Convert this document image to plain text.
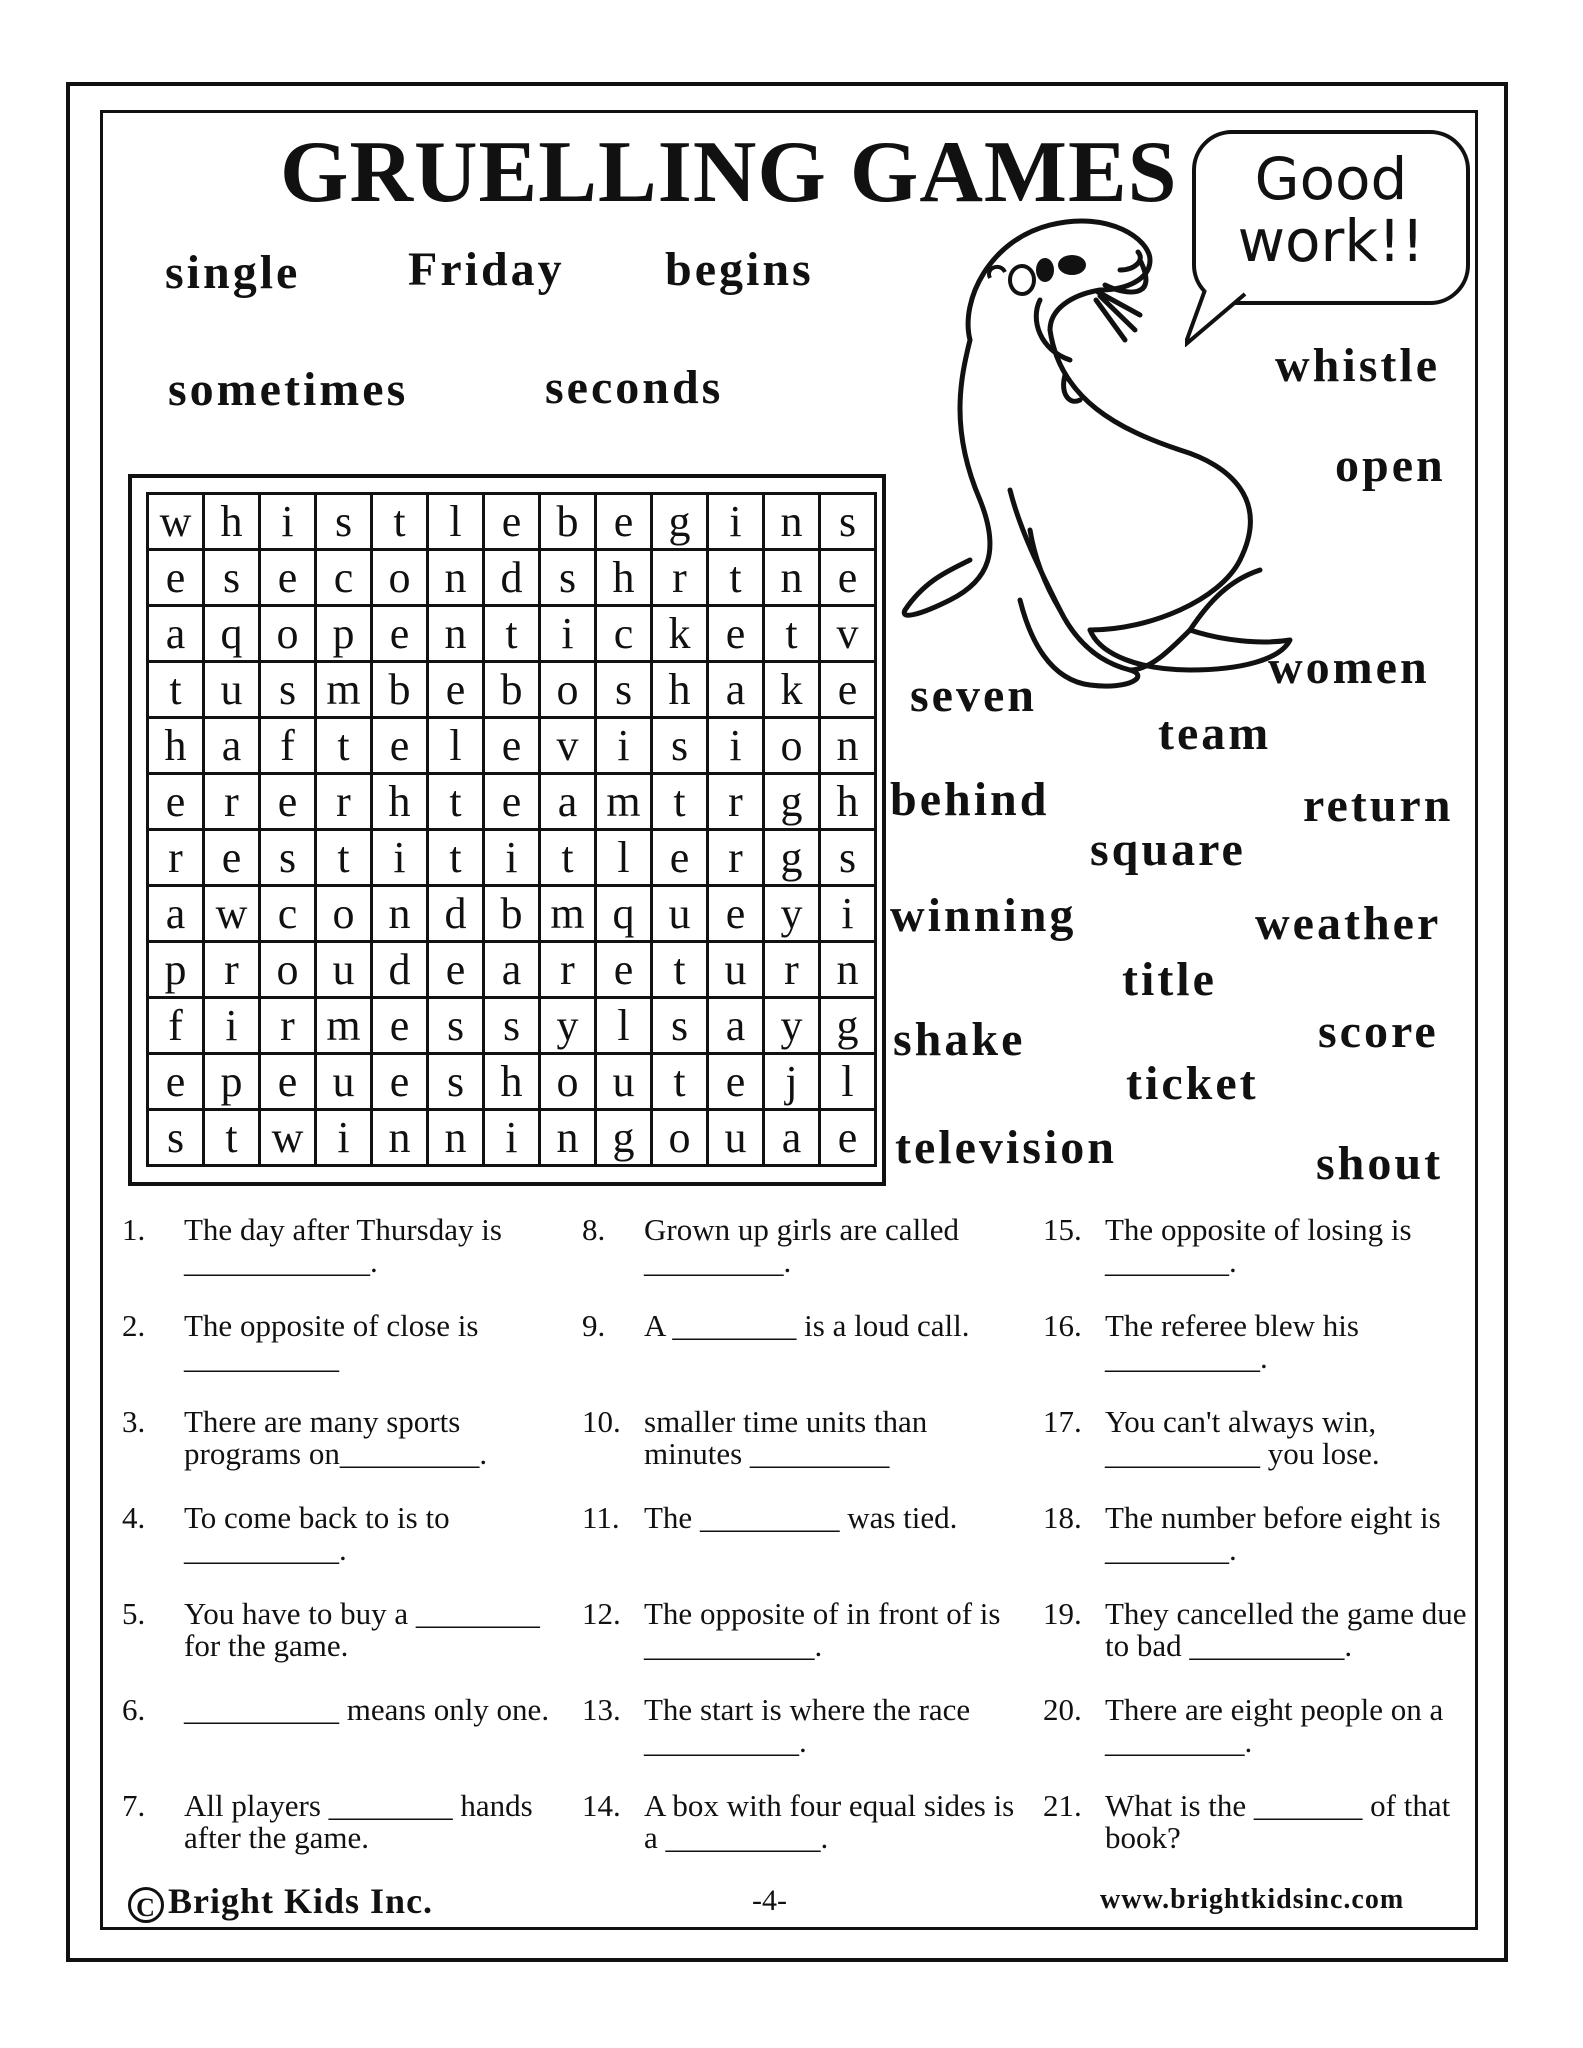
GRUELLING GAMES
single Friday begins
sometimes	seconds
Good
work!!
whistle
open
seven
women
team
behind	return
square
winning	weather
title
shake	score
ticket
television	shout
w	h	i	s	t	l	e	b	e	g	i	n	s
e	s	e	c	o	n	d	s	h	r	t	n	e
a	q	o	p	e	n	t	i	c	k	e	t	v
t	u	s	m	b	e	b	o	s	h	a	k	e
h	a	f	t	e	l	e	v	i	s	i	o	n
e	r	e	r	h	t	e	a	m	t	r	g	h
r	e	s	t	i	t	i	t	l	e	r	g	s
a	w	c	o	n	d	b	m	q	u	e	y	i
p	r	o	u	d	e	a	r	e	t	u	r	n
f	i	r	m	e	s	s	y	l	s	a	y	g
e	p	e	u	e	s	h	o	u	t	e	j	l
s	t	w	i	n	n	i	n	g	o	u	a	e
1. The day after Thursday is ____________.
2. The opposite of close is __________
3. There are many sports programs on_________.
4. To come back to is to __________.
5. You have to buy a ________ for the game.
6. __________ means only one.
7. All players ________ hands after the game.
8. Grown up girls are called _________.
9. A ________ is a loud call.
10. smaller time units than minutes _________
11. The _________ was tied.
12. The opposite of in front of is ___________.
13. The start is where the race __________.
14. A box with four equal sides is a __________.
15. The opposite of losing is ________.
16. The referee blew his __________.
17. You can't always win, __________ you lose.
18. The number before eight is ________.
19. They cancelled the game due to bad __________.
20. There are eight people on a _________.
21. What is the _______ of that book?
C Bright Kids Inc.	-4-	www.brightkidsinc.com
